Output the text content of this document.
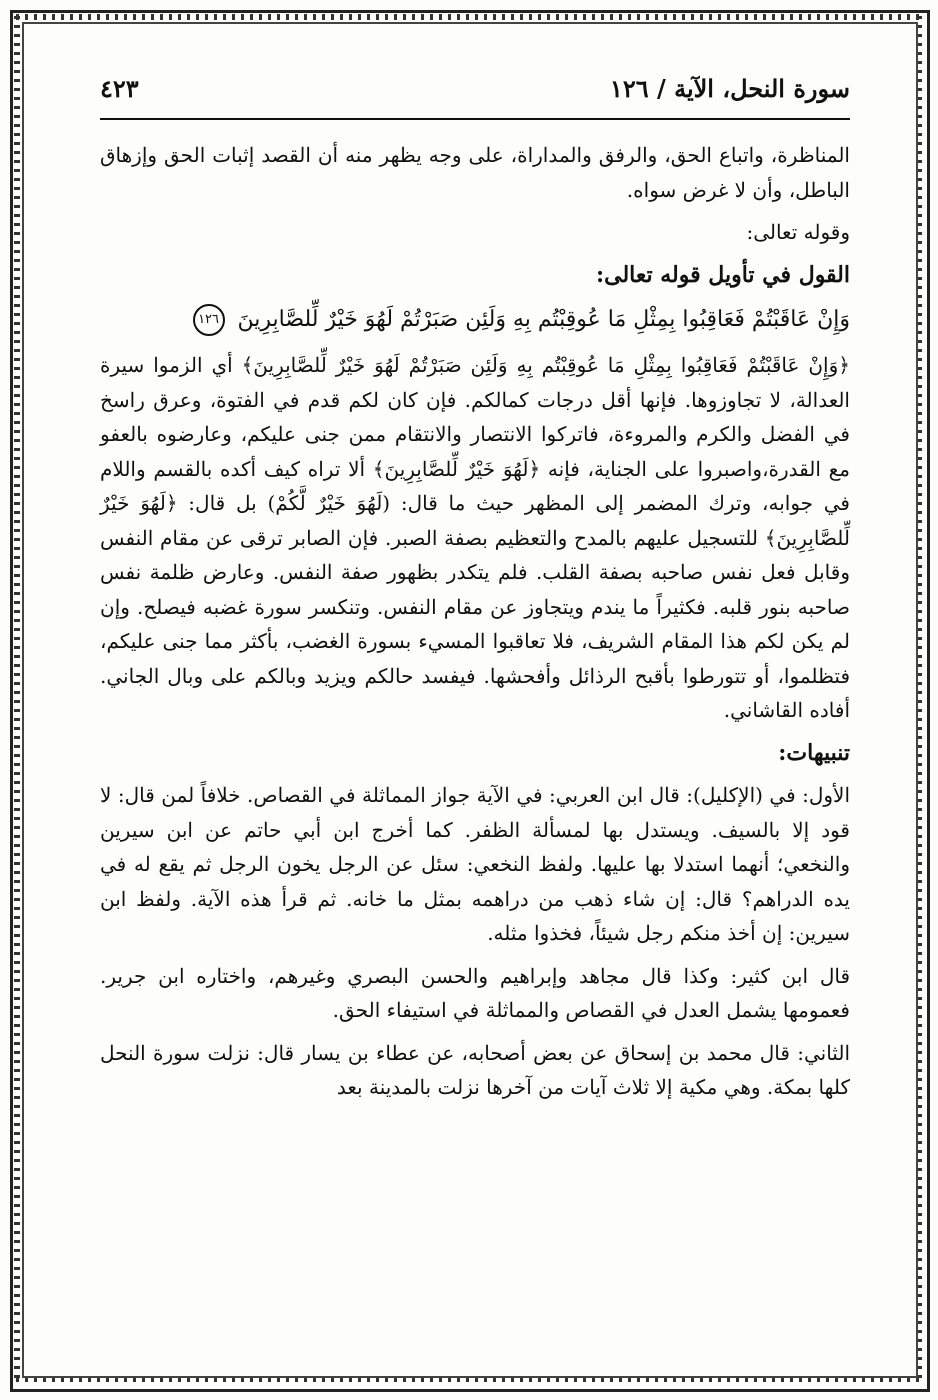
سورة النحل، الآية / ١٢٦
٤٢٣

المناظرة، واتباع الحق، والرفق والمداراة، على وجه يظهر منه أن القصد إثبات الحق وإزهاق الباطل، وأن لا غرض سواه.

وقوله تعالى:

القول في تأويل قوله تعالى:

وَإِنْ عَاقَبْتُمْ فَعَاقِبُوا بِمِثْلِ مَا عُوقِبْتُم بِهِ وَلَئِن صَبَرْتُمْ لَهُوَ خَيْرٌ لِّلصَّابِرِينَ ١٢٦

﴿وَإِنْ عَاقَبْتُمْ فَعَاقِبُوا بِمِثْلِ مَا عُوقِبْتُم بِهِ وَلَئِن صَبَرْتُمْ لَهُوَ خَيْرٌ لِّلصَّابِرِينَ﴾ أي الزموا سيرة العدالة، لا تجاوزوها. فإنها أقل درجات كمالكم. فإن كان لكم قدم في الفتوة، وعرق راسخ في الفضل والكرم والمروءة، فاتركوا الانتصار والانتقام ممن جنى عليكم، وعارضوه بالعفو مع القدرة،واصبروا على الجناية، فإنه ﴿لَهُوَ خَيْرٌ لِّلصَّابِرِينَ﴾ ألا تراه كيف أكده بالقسم واللام في جوابه، وترك المضمر إلى المظهر حيث ما قال: (لَهُوَ خَيْرٌ لَّكُمْ) بل قال: ﴿لَهُوَ خَيْرٌ لِّلصَّابِرِينَ﴾ للتسجيل عليهم بالمدح والتعظيم بصفة الصبر. فإن الصابر ترقى عن مقام النفس وقابل فعل نفس صاحبه بصفة القلب. فلم يتكدر بظهور صفة النفس. وعارض ظلمة نفس صاحبه بنور قلبه. فكثيراً ما يندم ويتجاوز عن مقام النفس. وتنكسر سورة غضبه فيصلح. وإن لم يكن لكم هذا المقام الشريف، فلا تعاقبوا المسيء بسورة الغضب، بأكثر مما جنى عليكم، فتظلموا، أو تتورطوا بأقبح الرذائل وأفحشها. فيفسد حالكم ويزيد وبالكم على وبال الجاني. أفاده القاشاني.

تنبيهات:

الأول: في (الإكليل): قال ابن العربي: في الآية جواز المماثلة في القصاص. خلافاً لمن قال: لا قود إلا بالسيف. ويستدل بها لمسألة الظفر. كما أخرج ابن أبي حاتم عن ابن سيرين والنخعي؛ أنهما استدلا بها عليها. ولفظ النخعي: سئل عن الرجل يخون الرجل ثم يقع له في يده الدراهم؟ قال: إن شاء ذهب من دراهمه بمثل ما خانه. ثم قرأ هذه الآية. ولفظ ابن سيرين: إن أخذ منكم رجل شيئاً، فخذوا مثله.

قال ابن كثير: وكذا قال مجاهد وإبراهيم والحسن البصري وغيرهم، واختاره ابن جرير. فعمومها يشمل العدل في القصاص والمماثلة في استيفاء الحق.

الثاني: قال محمد بن إسحاق عن بعض أصحابه، عن عطاء بن يسار قال: نزلت سورة النحل كلها بمكة. وهي مكية إلا ثلاث آيات من آخرها نزلت بالمدينة بعد
